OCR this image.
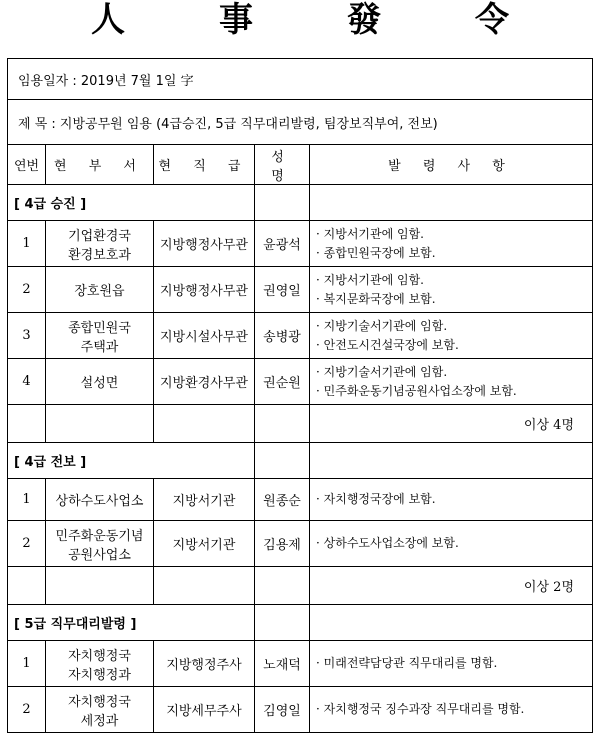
人　事　發　令
임용일자 : 2019년 7월 1일 字				
제 목 : 지방공무원 임용 (4급승진, 5급 직무대리발령, 팀장보직부여, 전보)				
연번	현 부 서	현 직 급	성 명	발 령 사 항
[ 4급 승진 ]				
1	기업환경국
환경보호과	지방행정사무관	윤광석	· 지방서기관에 임함.
· 종합민원국장에 보함.
2	장호원읍	지방행정사무관	권영일	· 지방서기관에 임함.
· 복지문화국장에 보함.
3	종합민원국
주택과	지방시설사무관	송병광	· 지방기술서기관에 임함.
· 안전도시건설국장에 보함.
4	설성면	지방환경사무관	권순원	· 지방기술서기관에 임함.
· 민주화운동기념공원사업소장에 보함.
				이상 4명
[ 4급 전보 ]				
1	상하수도사업소	지방서기관	원종순	· 자치행정국장에 보함.
2	민주화운동기념
공원사업소	지방서기관	김용제	· 상하수도사업소장에 보함.
				이상 2명
[ 5급 직무대리발령 ]				
1	자치행정국
자치행정과	지방행정주사	노재덕	· 미래전략담당관 직무대리를 명함.
2	자치행정국
세정과	지방세무주사	김영일	· 자치행정국 징수과장 직무대리를 명함.
